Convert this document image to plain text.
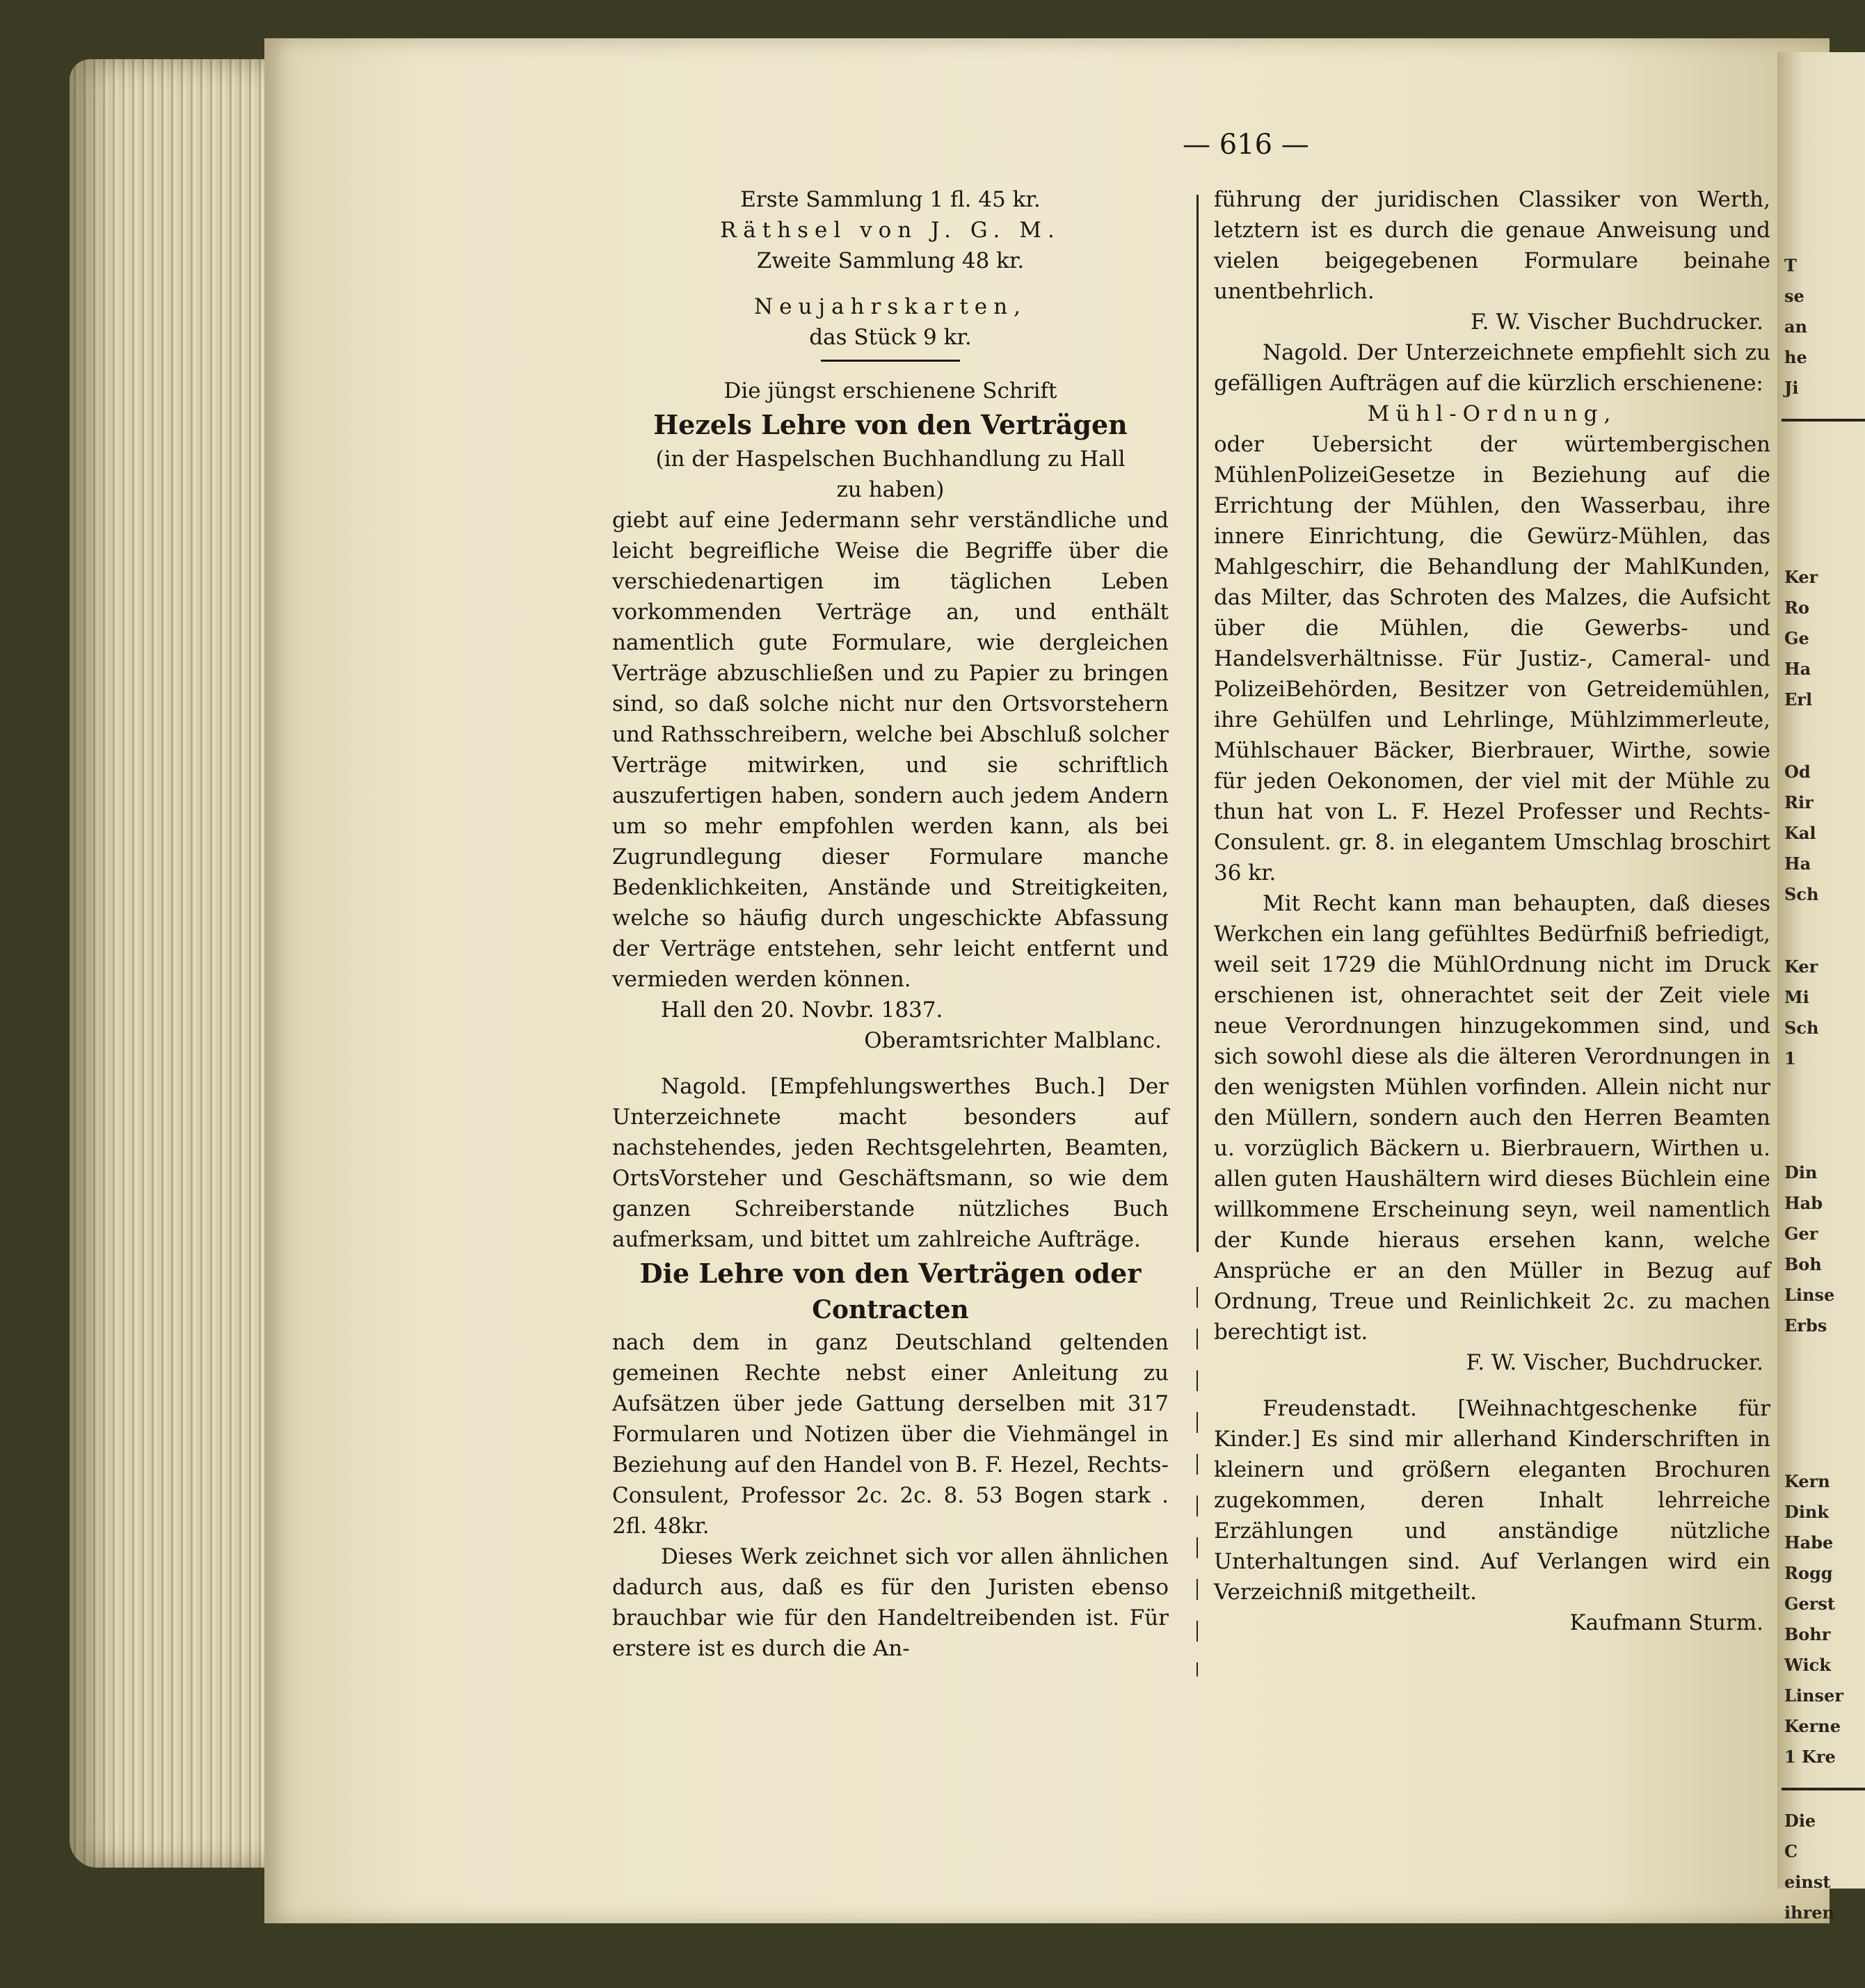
T
se
an
he
Ji
Ker
Ro
Ge
Ha
Erl
Od
Rir
Kal
Ha
Sch
Ker
Mi
Sch
1
Din
Hab
Ger
Boh
Linse
Erbs
Kern
Dink
Habe
Rogg
Gerst
Bohr
Wick
Linser
Kerne
1 Kre
Die
C
einst
ihren
— 616 —

Erste Sammlung 1 fl. 45 kr.

Räthsel von J. G. M.

Zweite Sammlung 48 kr.

Neujahrskarten,

das Stück 9 kr.

Die jüngst erschienene Schrift

Hezels Lehre von den Verträgen

(in der Haspelschen Buchhandlung zu Hall

zu haben)

giebt auf eine Jedermann sehr verständliche und leicht begreifliche Weise die Begriffe über die verschiedenartigen im täglichen Leben vorkommenden Verträge an, und enthält namentlich gute Formulare, wie dergleichen Verträge abzuschließen und zu Papier zu bringen sind, so daß solche nicht nur den Ortsvorstehern und Rathsschreibern, welche bei Abschluß solcher Verträge mitwirken, und sie schriftlich auszufertigen haben, sondern auch jedem Andern um so mehr empfohlen werden kann, als bei Zugrundlegung dieser Formulare manche Bedenklichkeiten, Anstände und Streitigkeiten, welche so häufig durch ungeschickte Abfassung der Verträge entstehen, sehr leicht entfernt und vermieden werden können.

Hall den 20. Novbr. 1837.

Oberamtsrichter Malblanc.

Nagold. [Empfehlungswerthes Buch.] Der Unterzeichnete macht besonders auf nachstehendes, jeden Rechtsgelehrten, Beamten, OrtsVorsteher und Geschäftsmann, so wie dem ganzen Schreiberstande nützliches Buch aufmerksam, und bittet um zahlreiche Aufträge.

Die Lehre von den Verträgen oder

Contracten

nach dem in ganz Deutschland geltenden gemeinen Rechte nebst einer Anleitung zu Aufsätzen über jede Gattung derselben mit 317 Formularen und Notizen über die Viehmängel in Beziehung auf den Handel von B. F. Hezel, Rechts-Consulent, Professor 2c. 2c. 8. 53 Bogen stark . 2fl. 48kr.

Dieses Werk zeichnet sich vor allen ähnlichen dadurch aus, daß es für den Juristen ebenso brauchbar wie für den Handeltreibenden ist. Für erstere ist es durch die An-

führung der juridischen Classiker von Werth, letztern ist es durch die genaue Anweisung und vielen beigegebenen Formulare beinahe unentbehrlich.

F. W. Vischer Buchdrucker.

Nagold. Der Unterzeichnete empfiehlt sich zu gefälligen Aufträgen auf die kürzlich erschienene:

Mühl-Ordnung,

oder Uebersicht der würtembergischen MühlenPolizeiGesetze in Beziehung auf die Errichtung der Mühlen, den Wasserbau, ihre innere Einrichtung, die Gewürz-Mühlen, das Mahlgeschirr, die Behandlung der MahlKunden, das Milter, das Schroten des Malzes, die Aufsicht über die Mühlen, die Gewerbs- und Handelsverhältnisse. Für Justiz-, Cameral- und PolizeiBehörden, Besitzer von Getreidemühlen, ihre Gehülfen und Lehrlinge, Mühlzimmerleute, Mühlschauer Bäcker, Bierbrauer, Wirthe, sowie für jeden Oekonomen, der viel mit der Mühle zu thun hat von L. F. Hezel Professer und Rechts-Consulent. gr. 8. in elegantem Umschlag broschirt 36 kr.

Mit Recht kann man behaupten, daß dieses Werkchen ein lang gefühltes Bedürfniß befriedigt, weil seit 1729 die MühlOrdnung nicht im Druck erschienen ist, ohnerachtet seit der Zeit viele neue Verordnungen hinzugekommen sind, und sich sowohl diese als die älteren Verordnungen in den wenigsten Mühlen vorfinden. Allein nicht nur den Müllern, sondern auch den Herren Beamten u. vorzüglich Bäckern u. Bierbrauern, Wirthen u. allen guten Haushältern wird dieses Büchlein eine willkommene Erscheinung seyn, weil namentlich der Kunde hieraus ersehen kann, welche Ansprüche er an den Müller in Bezug auf Ordnung, Treue und Reinlichkeit 2c. zu machen berechtigt ist.

F. W. Vischer, Buchdrucker.

Freudenstadt. [Weihnachtgeschenke für Kinder.] Es sind mir allerhand Kinderschriften in kleinern und größern eleganten Brochuren zugekommen, deren Inhalt lehrreiche Erzählungen und anständige nützliche Unterhaltungen sind. Auf Verlangen wird ein Verzeichniß mitgetheilt.

Kaufmann Sturm.
